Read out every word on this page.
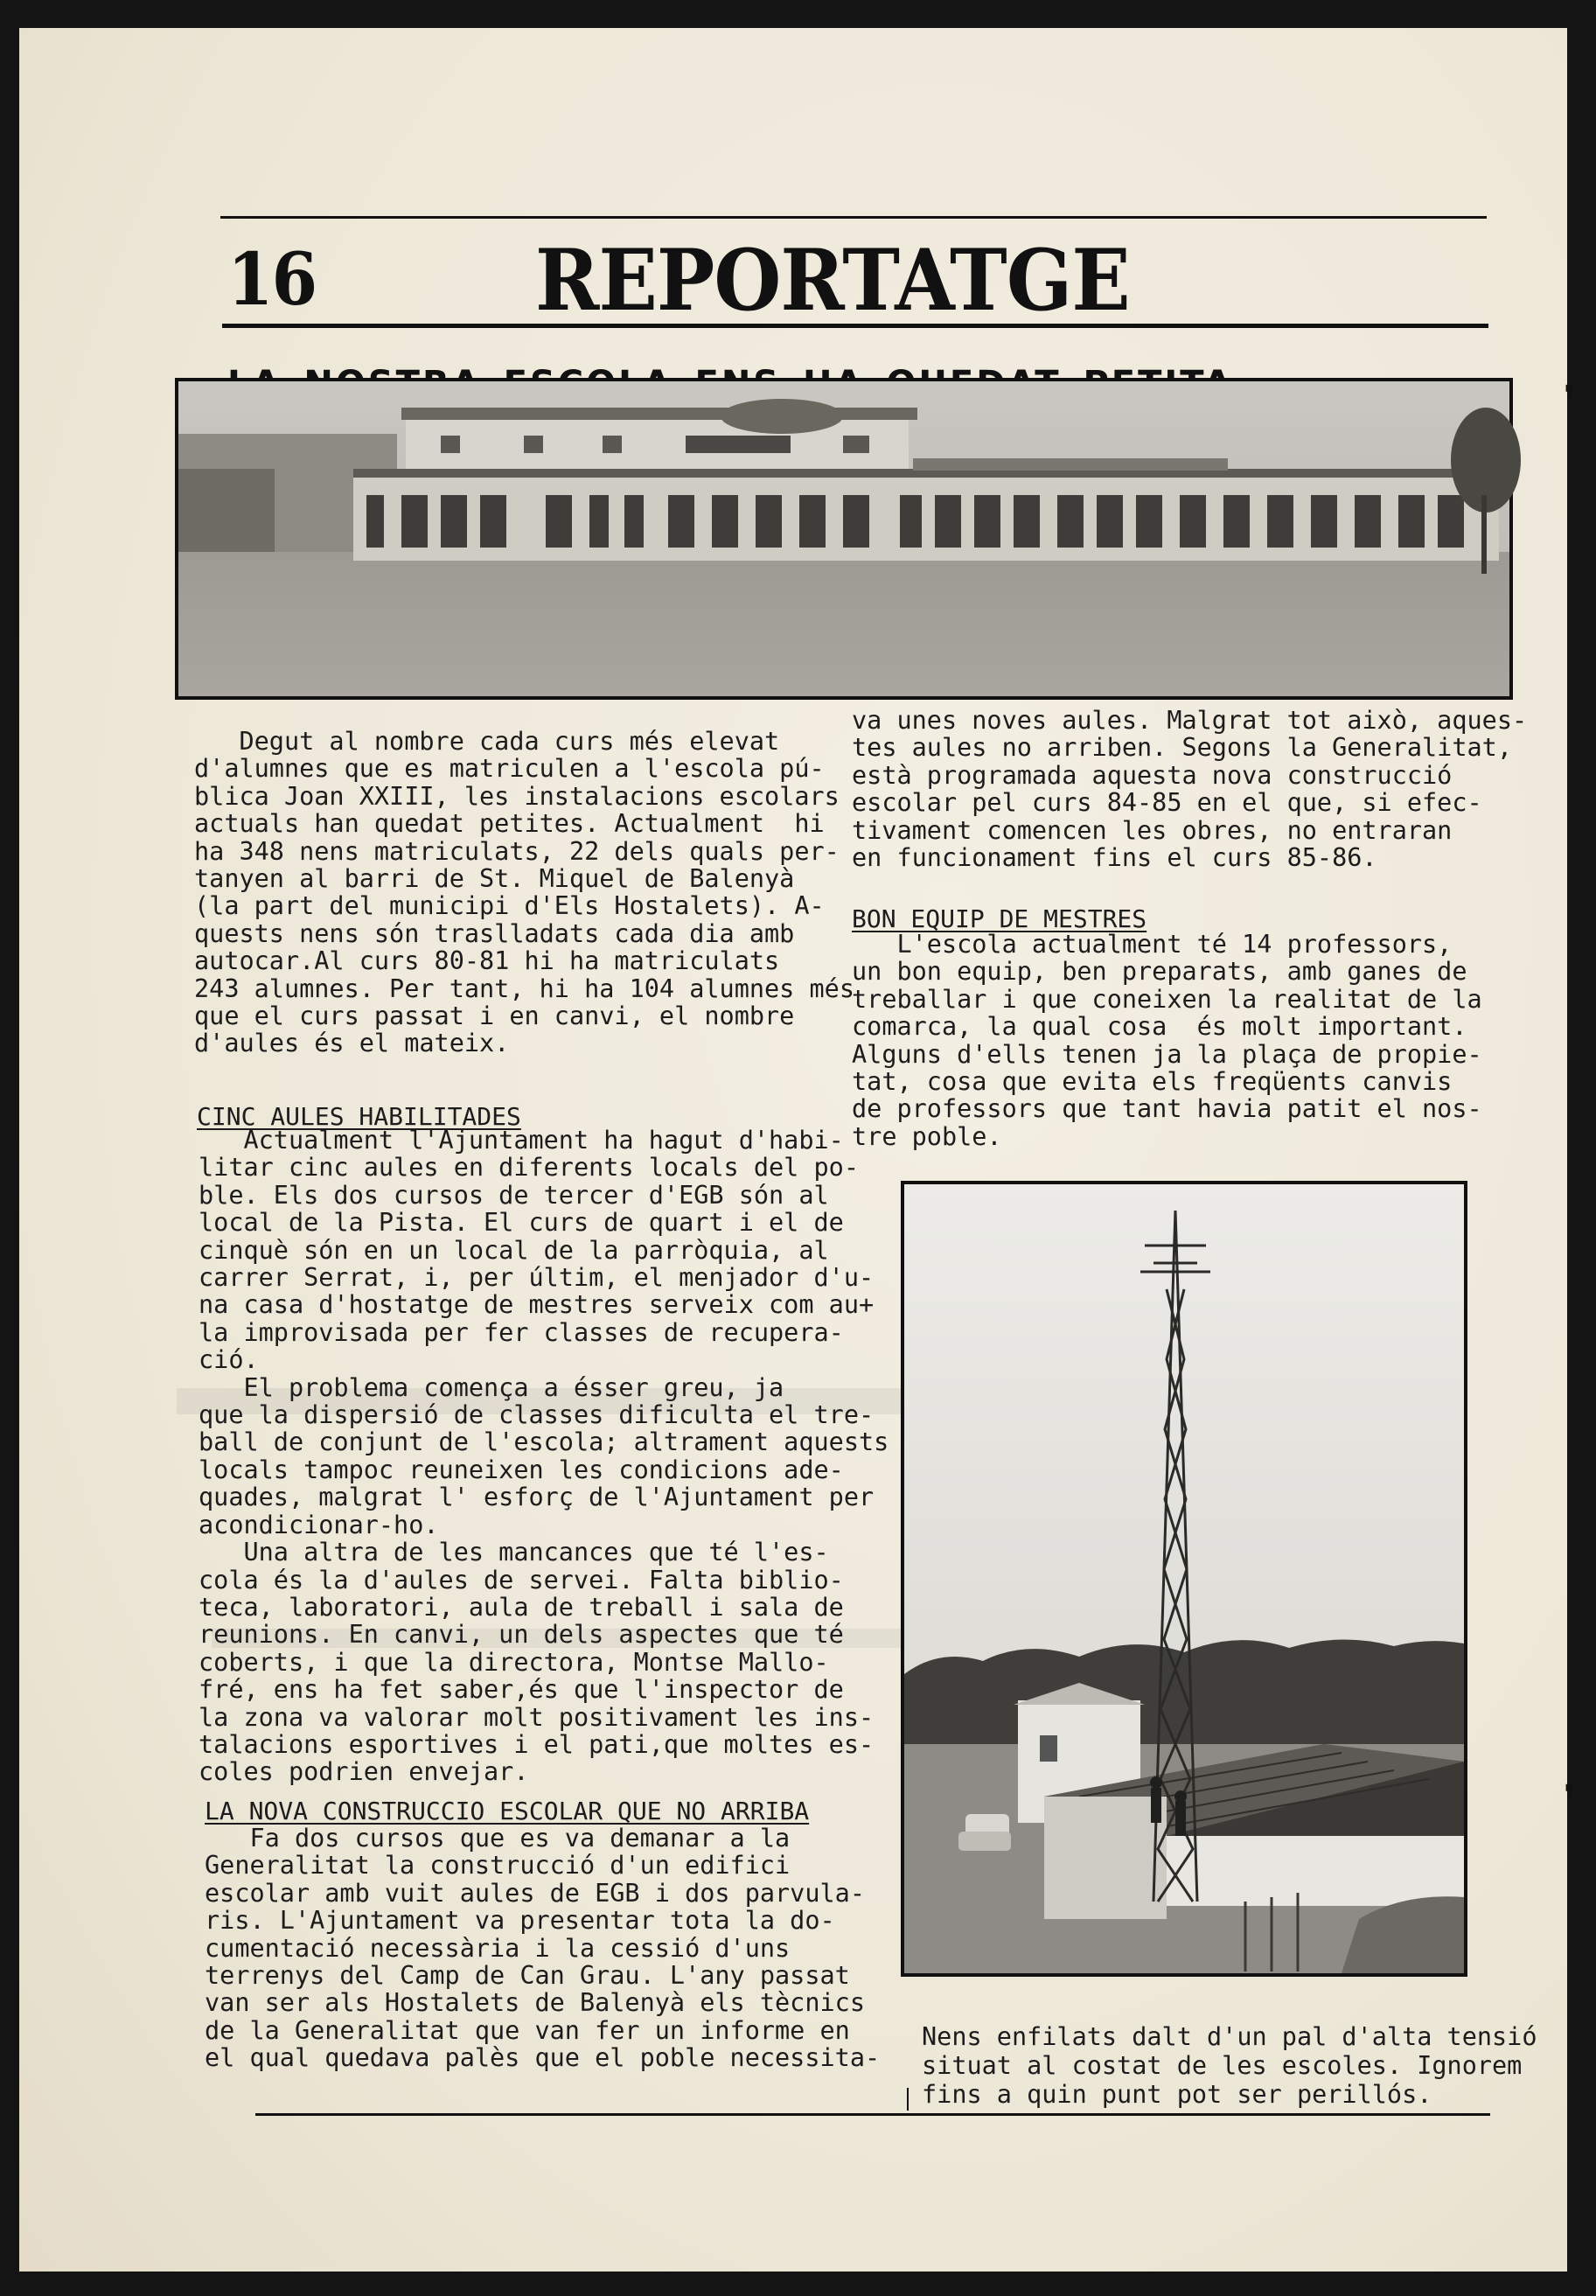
16	REPORTATGE

Degut al nombre cada curs més elevat

d'alumnes que es matriculen a l'escola pú-

blica Joan XXIII, les instalacions escolars

actuals han quedat petites. Actualment  hi

ha 348 nens matriculats, 22 dels quals per-

tanyen al barri de St. Miquel de Balenyà

(la part del municipi d'Els Hostalets). A-

quests nens són traslladats cada dia amb

autocar.Al curs 80-81 hi ha matriculats

243 alumnes. Per tant, hi ha 104 alumnes més

que el curs passat i en canvi, el nombre

d'aules és el mateix.

CINC AULES HABILITADES

Actualment l'Ajuntament ha hagut d'habi-

litar cinc aules en diferents locals del po-

ble. Els dos cursos de tercer d'EGB són al

local de la Pista. El curs de quart i el de

cinquè són en un local de la parròquia, al

carrer Serrat, i, per últim, el menjador d'u-

na casa d'hostatge de mestres serveix com au+

la improvisada per fer classes de recupera-

ció.

El problema comença a ésser greu, ja

que la dispersió de classes dificulta el tre-

ball de conjunt de l'escola; altrament aquests

locals tampoc reuneixen les condicions ade-

quades, malgrat l' esforç de l'Ajuntament per

acondicionar-ho.

Una altra de les mancances que té l'es-

cola és la d'aules de servei. Falta biblio-

teca, laboratori, aula de treball i sala de

reunions. En canvi, un dels aspectes que té

coberts, i que la directora, Montse Mallo-

fré, ens ha fet saber,és que l'inspector de

la zona va valorar molt positivament les ins-

talacions esportives i el pati,que moltes es-

coles podrien envejar.

LA NOVA CONSTRUCCIO ESCOLAR QUE NO ARRIBA

Fa dos cursos que es va demanar a la

Generalitat la construcció d'un edifici

escolar amb vuit aules de EGB i dos parvula-

ris. L'Ajuntament va presentar tota la do-

cumentació necessària i la cessió d'uns

terrenys del Camp de Can Grau. L'any passat

van ser als Hostalets de Balenyà els tècnics

de la Generalitat que van fer un informe en

el qual quedava palès que el poble necessita-

va unes noves aules. Malgrat tot això, aques-

tes aules no arriben. Segons la Generalitat,

està programada aquesta nova construcció

escolar pel curs 84-85 en el que, si efec-

tivament comencen les obres, no entraran

en funcionament fins el curs 85-86.

BON EQUIP DE MESTRES

L'escola actualment té 14 professors,

un bon equip, ben preparats, amb ganes de

treballar i que coneixen la realitat de la

comarca, la qual cosa  és molt important.

Alguns d'ells tenen ja la plaça de propie-

tat, cosa que evita els freqüents canvis

de professors que tant havia patit el nos-

tre poble.

Nens enfilats dalt d'un pal d'alta tensió

situat al costat de les escoles. Ignorem

fins a quin punt pot ser perillós.

❜
❜
